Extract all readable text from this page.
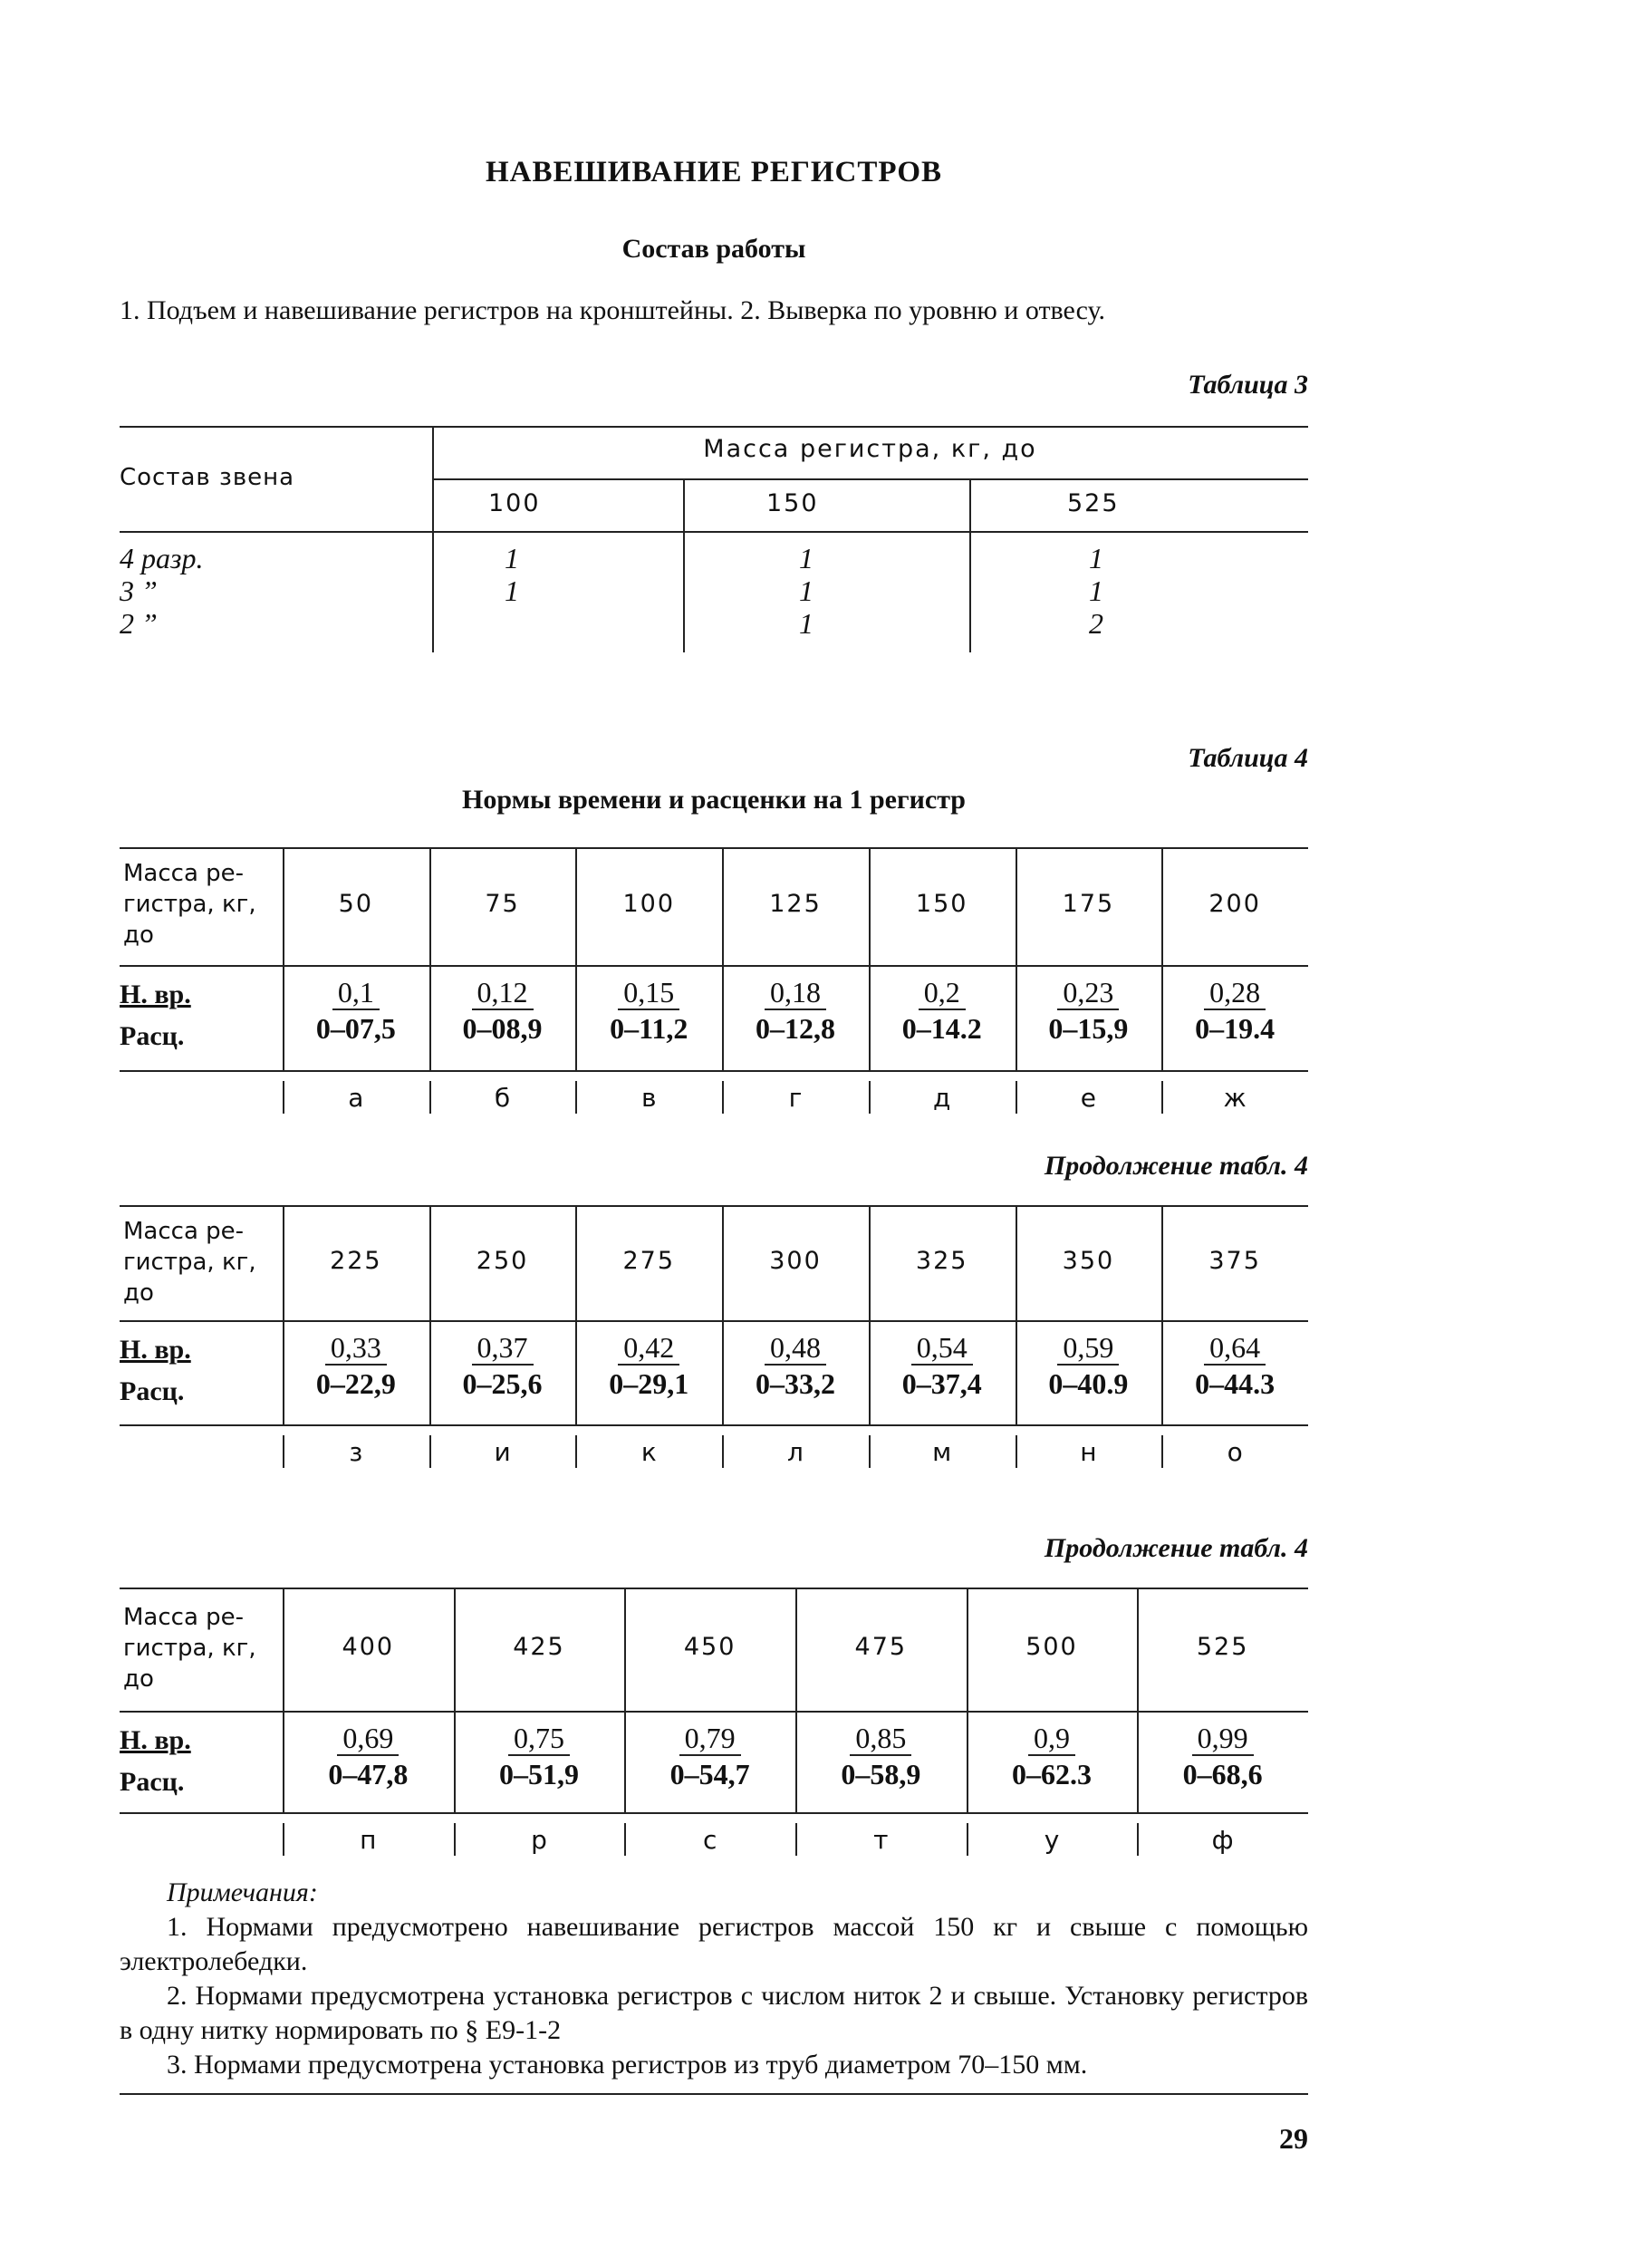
НАВЕШИВАНИЕ РЕГИСТРОВ
Состав работы
1. Подъем и навешивание регистров на кронштейны. 2. Выверка по уровню и отвесу.
Таблица 3
Состав звена
Масса регистра, кг, до
100	150	525
4 разр.
3 ”
2 ”
1
1
1
1
1
1
1
2
Таблица 4
Нормы времени и расценки на 1 регистр
Масса ре-
гистра, кг,
до
Н. вр.
Расц.
50
$\frac{0,1}{0-07,5}$
а
75
$\frac{0,12}{0-08,9}$
б
100
$\frac{0,15}{0-11,2}$
в
125
$\frac{0,18}{0-12,8}$
г
150
$\frac{0,2}{0-14.2}$
д
175
$\frac{0,23}{0-15,9}$
е
200
$\frac{0,28}{0-19.4}$
ж
Продолжение табл. 4
Масса ре-
гистра, кг,
до
Н. вр.
Расц.
225
$\frac{0,33}{0-22,9}$
з
250
$\frac{0,37}{0-25,6}$
и
275
$\frac{0,42}{0-29,1}$
к
300
$\frac{0,48}{0-33,2}$
л
325
$\frac{0,54}{0-37,4}$
м
350
$\frac{0,59}{0-40.9}$
н
375
$\frac{0,64}{0-44.3}$
о
Продолжение табл. 4
Масса ре-
гистра, кг,
до
Н. вр.
Расц.
400
$\frac{0,69}{0-47,8}$
п
425
$\frac{0,75}{0-51,9}$
р
450
$\frac{0,79}{0-54,7}$
с
475
$\frac{0,85}{0-58,9}$
т
500
$\frac{0,9}{0-62.3}$
у
525
$\frac{0,99}{0-68,6}$
ф
Примечания:

1. Нормами предусмотрено навешивание регистров массой 150 кг и свыше с помощью электролебедки.

2. Нормами предусмотрена установка регистров с числом ниток 2 и свыше. Установку регистров в одну нитку нормировать по § Е9-1-2

3. Нормами предусмотрена установка регистров из труб диаметром 70–150 мм.

29
